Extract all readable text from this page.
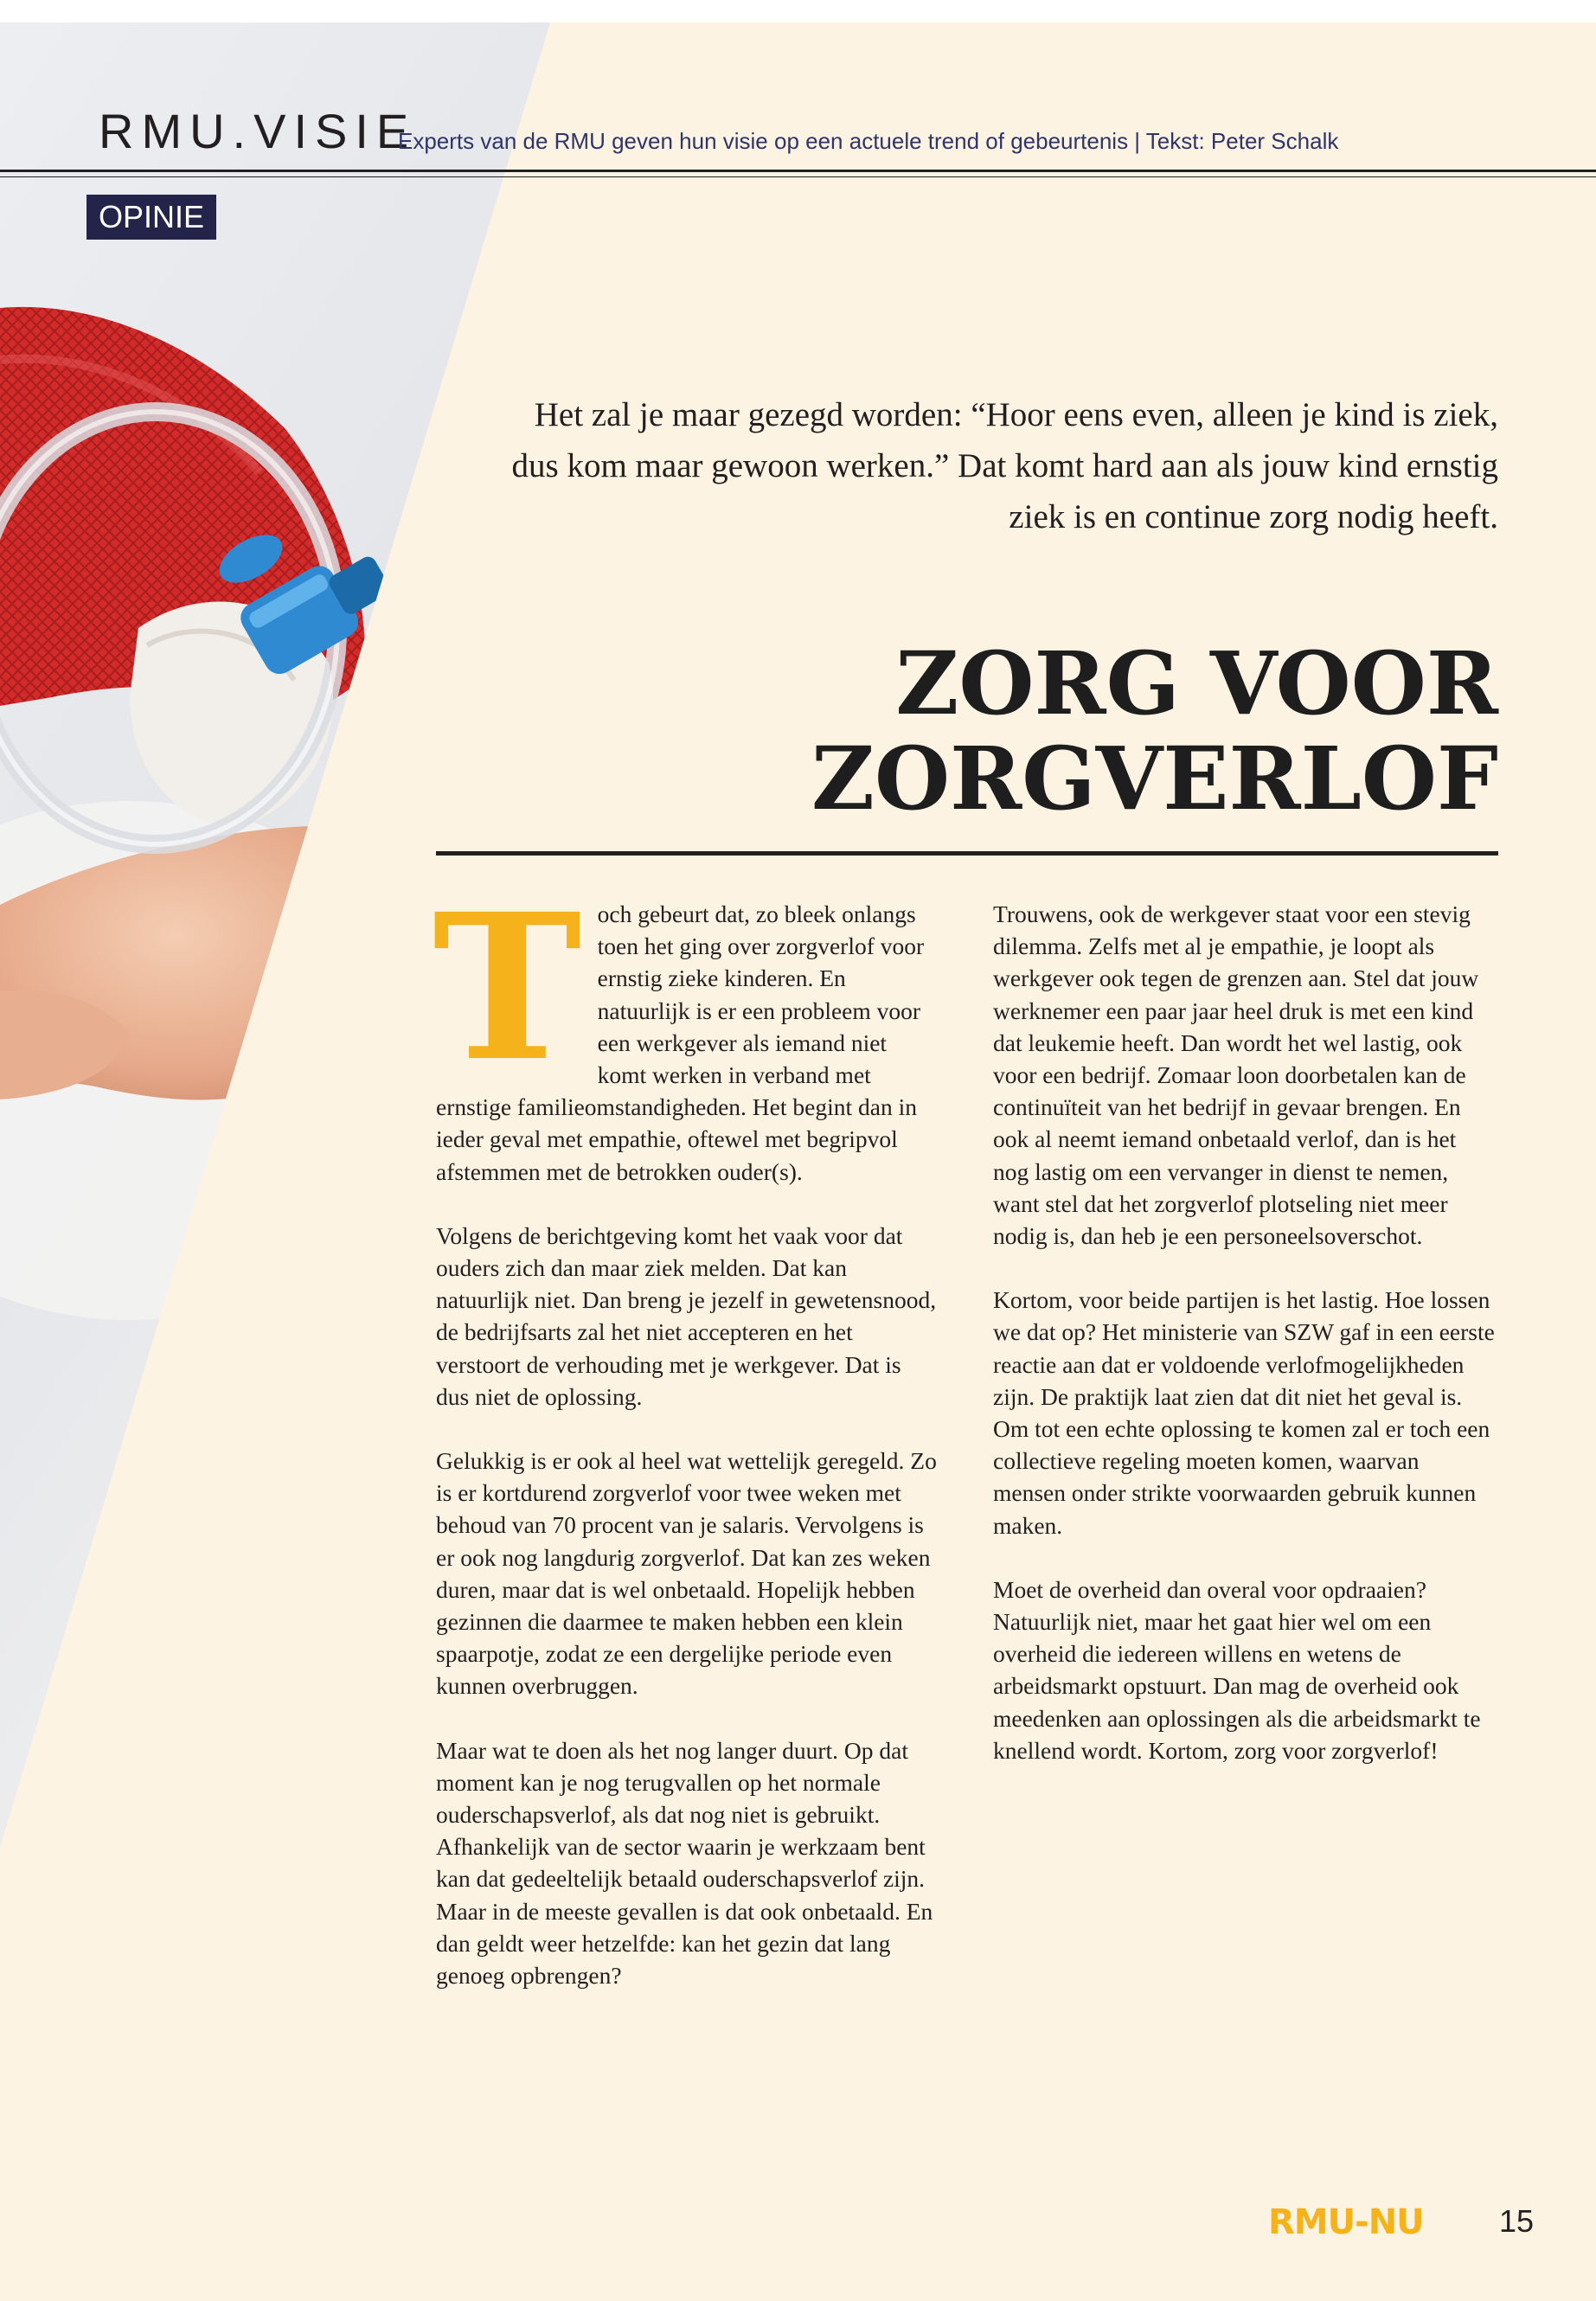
RMU.VISIE
Experts van de RMU geven hun visie op een actuele trend of gebeurtenis | Tekst: Peter Schalk
OPINIE
Het zal je maar gezegd worden: “Hoor eens even, alleen je kind is ziek, dus kom maar gewoon werken.” Dat komt hard aan als jouw kind ernstig ziek is en continue zorg nodig heeft.
ZORG VOOR
ZORGVERLOF

Toch gebeurt dat, zo bleek onlangs toen het ging over zorgverlof voor ernstig zieke kinderen. En natuurlijk is er een probleem voor een werkgever als iemand niet komt werken in verband met ernstige familieomstandigheden. Het begint dan in ieder geval met empathie, oftewel met begripvol afstemmen met de betrokken ouder(s).

Volgens de berichtgeving komt het vaak voor dat ouders zich dan maar ziek melden. Dat kan natuurlijk niet. Dan breng je jezelf in gewetensnood, de bedrijfsarts zal het niet accepteren en het verstoort de verhouding met je werkgever. Dat is dus niet de oplossing.

Gelukkig is er ook al heel wat wettelijk geregeld. Zo is er kortdurend zorgverlof voor twee weken met behoud van 70 procent van je salaris. Vervolgens is er ook nog langdurig zorgverlof. Dat kan zes weken duren, maar dat is wel onbetaald. Hopelijk hebben gezinnen die daarmee te maken hebben een klein spaarpotje, zodat ze een dergelijke periode even kunnen overbruggen.

Maar wat te doen als het nog langer duurt. Op dat moment kan je nog terugvallen op het normale ouderschapsverlof, als dat nog niet is gebruikt. Afhankelijk van de sector waarin je werkzaam bent kan dat gedeeltelijk betaald ouderschapsverlof zijn. Maar in de meeste gevallen is dat ook onbetaald. En dan geldt weer hetzelfde: kan het gezin dat lang genoeg opbrengen?

Trouwens, ook de werkgever staat voor een stevig dilemma. Zelfs met al je empathie, je loopt als werkgever ook tegen de grenzen aan. Stel dat jouw werknemer een paar jaar heel druk is met een kind dat leukemie heeft. Dan wordt het wel lastig, ook voor een bedrijf. Zomaar loon doorbetalen kan de continuïteit van het bedrijf in gevaar brengen. En ook al neemt iemand onbetaald verlof, dan is het nog lastig om een vervanger in dienst te nemen, want stel dat het zorgverlof plotseling niet meer nodig is, dan heb je een personeelsoverschot.

Kortom, voor beide partijen is het lastig. Hoe lossen we dat op? Het ministerie van SZW gaf in een eerste reactie aan dat er voldoende verlofmogelijkheden zijn. De praktijk laat zien dat dit niet het geval is. Om tot een echte oplossing te komen zal er toch een collectieve regeling moeten komen, waarvan mensen onder strikte voorwaarden gebruik kunnen maken.

Moet de overheid dan overal voor opdraaien? Natuurlijk niet, maar het gaat hier wel om een overheid die iedereen willens en wetens de arbeidsmarkt opstuurt. Dan mag de overheid ook meedenken aan oplossingen als die arbeidsmarkt te knellend wordt. Kortom, zorg voor zorgverlof!

RMU-NU 15
